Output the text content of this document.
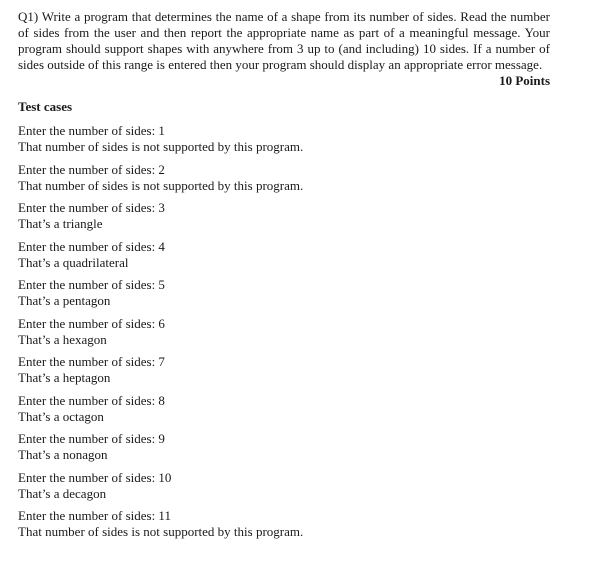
Q1) Write a program that determines the name of a shape from its number of sides. Read the number of sides from the user and then report the appropriate name as part of a meaningful message. Your program should support shapes with anywhere from 3 up to (and including) 10 sides. If a number of sides outside of this range is entered then your program should display an appropriate error message.
10 Points

Test cases
Enter the number of sides: 1
That number of sides is not supported by this program.
Enter the number of sides: 2
That number of sides is not supported by this program.
Enter the number of sides: 3
That’s a triangle
Enter the number of sides: 4
That’s a quadrilateral
Enter the number of sides: 5
That’s a pentagon
Enter the number of sides: 6
That’s a hexagon
Enter the number of sides: 7
That’s a heptagon
Enter the number of sides: 8
That’s a octagon
Enter the number of sides: 9
That’s a nonagon
Enter the number of sides: 10
That’s a decagon
Enter the number of sides: 11
That number of sides is not supported by this program.
